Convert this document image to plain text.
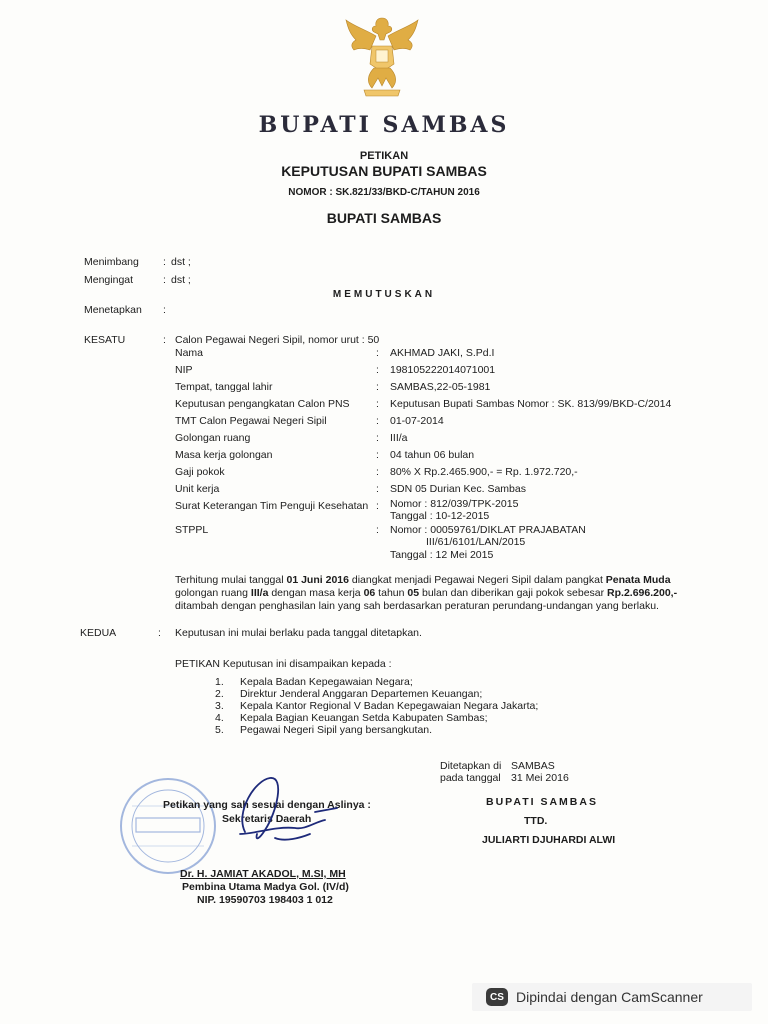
BUPATI SAMBAS
PETIKAN
KEPUTUSAN BUPATI SAMBAS
NOMOR : SK.821/33/BKD-C/TAHUN 2016
BUPATI SAMBAS
Menimbang : dst ;
Mengingat	: dst ;
MEMUTUSKAN
Menetapkan :
KESATU	: Calon Pegawai Negeri Sipil, nomor urut : 50
Nama	: AKHMAD JAKI, S.Pd.I
NIP	: 198105222014071001
Tempat, tanggal lahir	: SAMBAS,22-05-1981
Keputusan pengangkatan Calon PNS	: Keputusan Bupati Sambas Nomor : SK. 813/99/BKD-C/2014
TMT Calon Pegawai Negeri Sipil	: 01-07-2014
Golongan ruang	: III/a
Masa kerja golongan	: 04 tahun 06 bulan
Gaji pokok	: 80% X Rp.2.465.900,- = Rp. 1.972.720,-
Unit kerja	: SDN 05 Durian Kec. Sambas
Surat Keterangan Tim Penguji Kesehatan : Nomor : 812/039/TPK-2015
Tanggal : 10-12-2015
STPPL	: Nomor : 00059761/DIKLAT PRAJABATAN
III/61/6101/LAN/2015
Tanggal : 12 Mei 2015
Terhitung mulai tanggal 01 Juni 2016 diangkat menjadi Pegawai Negeri Sipil dalam pangkat Penata Muda golongan ruang III/a dengan masa kerja 06 tahun 05 bulan dan diberikan gaji pokok sebesar Rp.2.696.200,- ditambah dengan penghasilan lain yang sah berdasarkan peraturan perundang-undangan yang berlaku.
KEDUA	: Keputusan ini mulai berlaku pada tanggal ditetapkan.
PETIKAN Keputusan ini disampaikan kepada :
1. Kepala Badan Kepegawaian Negara;
2. Direktur Jenderal Anggaran Departemen Keuangan;
3. Kepala Kantor Regional V Badan Kepegawaian Negara Jakarta;
4. Kepala Bagian Keuangan Setda Kabupaten Sambas;
5. Pegawai Negeri Sipil yang bersangkutan.
Ditetapkan di SAMBAS
pada tanggal 31 Mei 2016
BUPATI SAMBAS
TTD.
JULIARTI DJUHARDI ALWI
Petikan yang sah sesuai dengan Aslinya :
Sekretaris Daerah
Dr. H. JAMIAT AKADOL, M.SI, MH
Pembina Utama Madya Gol. (IV/d)
NIP. 19590703 198403 1 012
CS Dipindai dengan CamScanner
